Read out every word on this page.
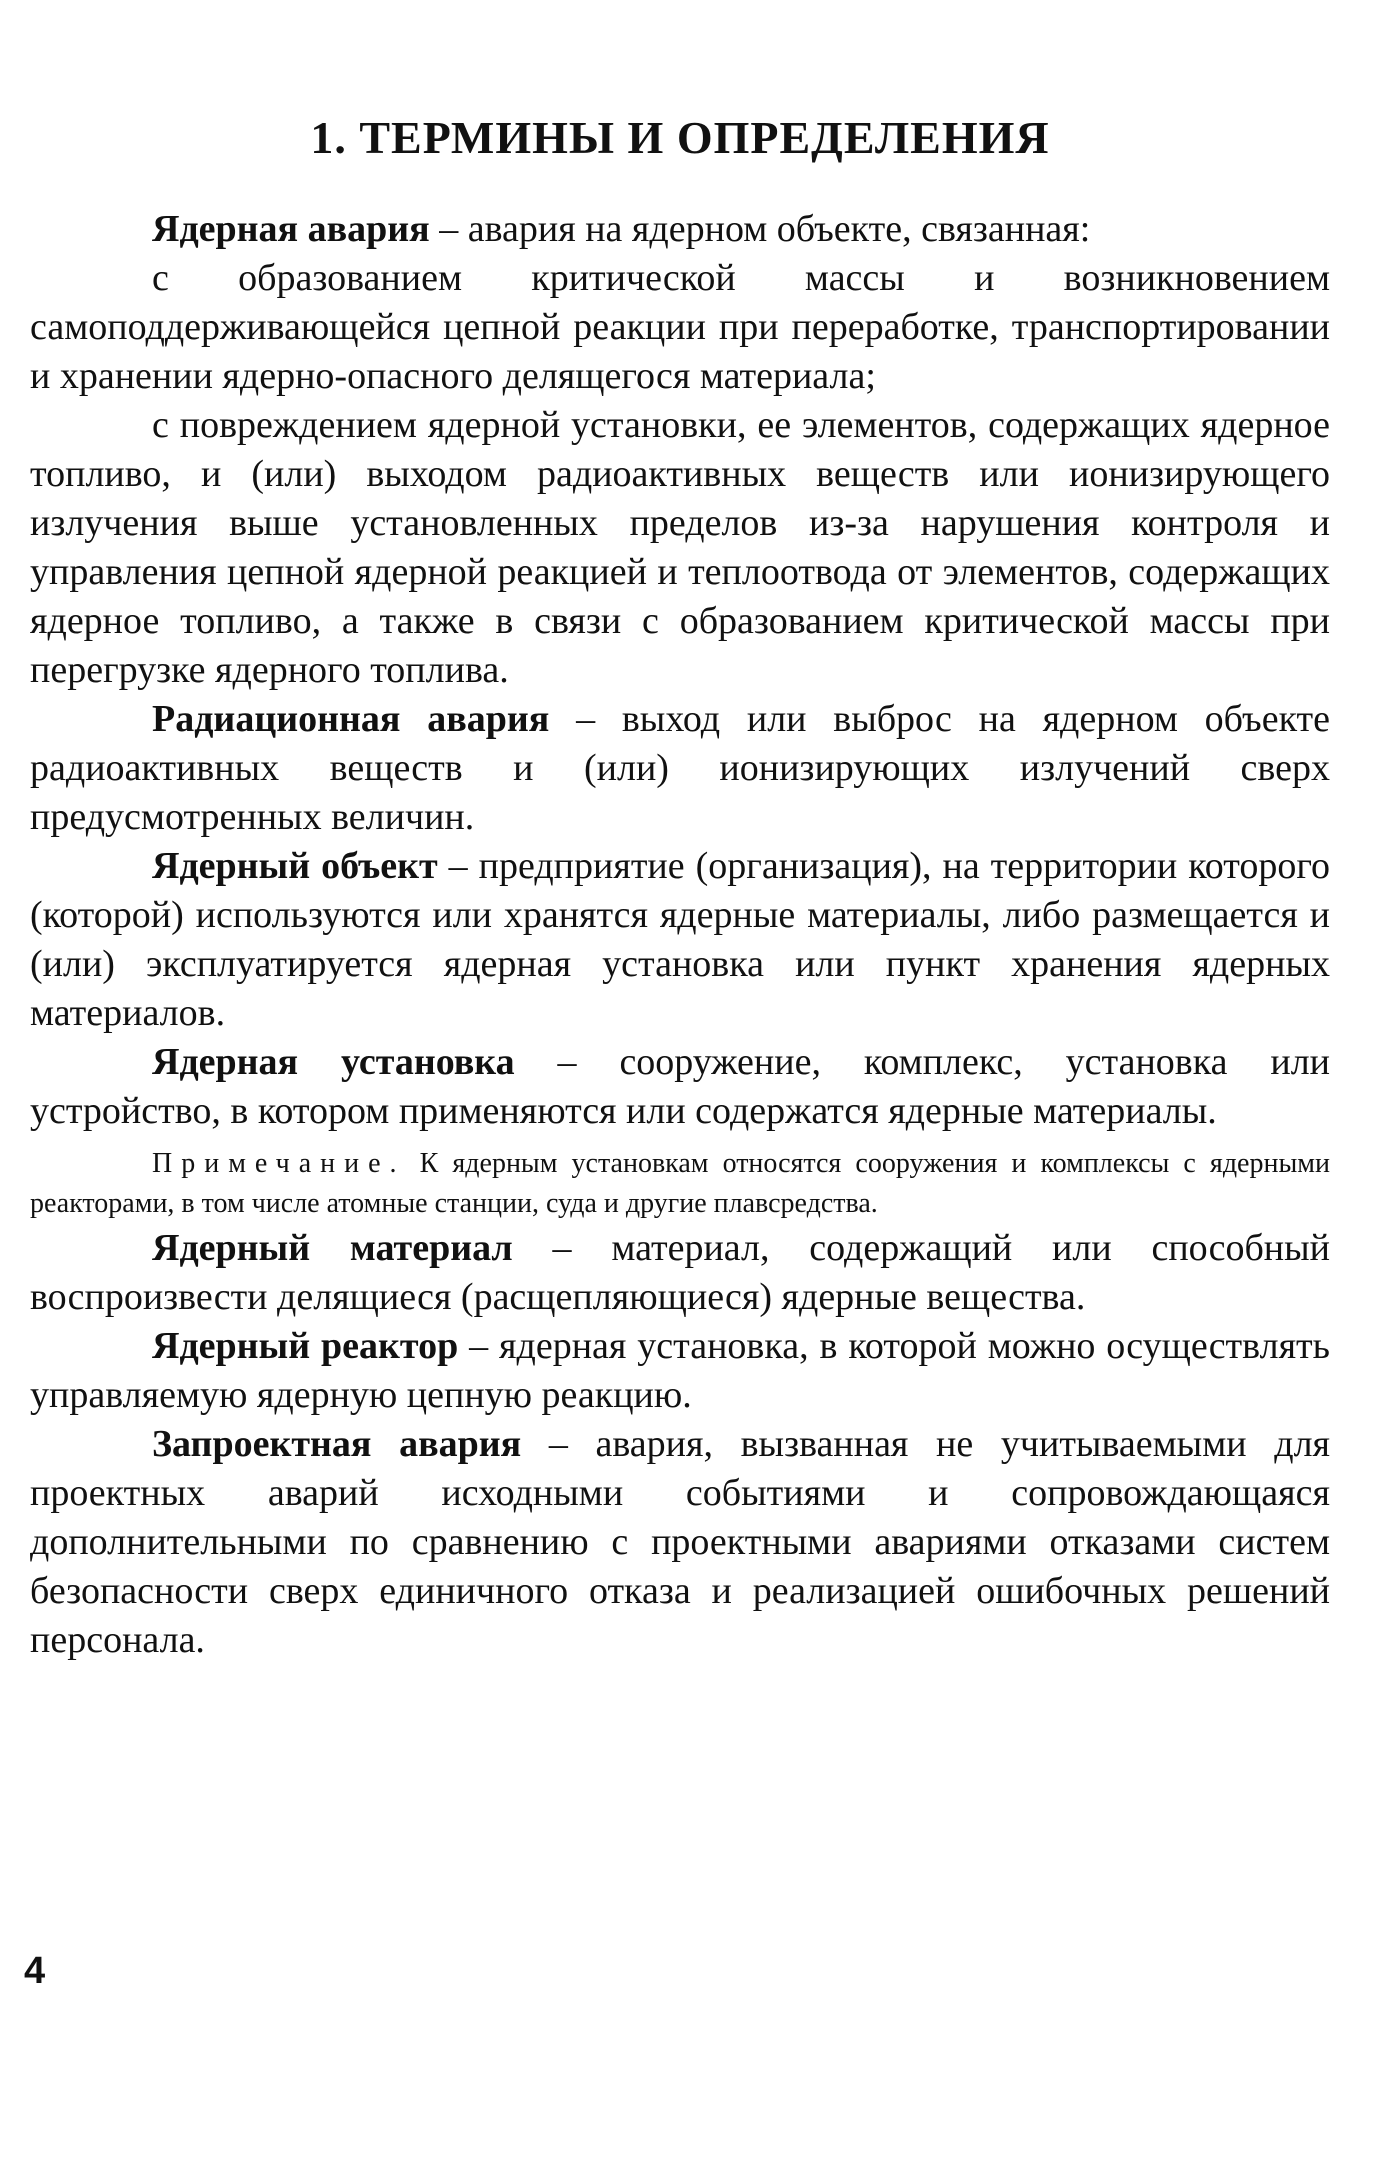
1. ТЕРМИНЫ И ОПРЕДЕЛЕНИЯ

Ядерная авария – авария на ядерном объекте, связанная:

с образованием критической массы и возникновением самоподдерживающейся цепной реакции при переработке, транспортировании и хранении ядерно-опасного делящегося материала;

с повреждением ядерной установки, ее элементов, содержащих ядерное топливо, и (или) выходом радиоактивных веществ или ионизирующего излучения выше установленных пределов из-за нарушения контроля и управления цепной ядерной реакцией и теплоотвода от элементов, содержащих ядерное топливо, а также в связи с образованием критической массы при перегрузке ядерного топлива.

Радиационная авария – выход или выброс на ядерном объекте радиоактивных веществ и (или) ионизирующих излучений сверх предусмотренных величин.

Ядерный объект – предприятие (организация), на территории которого (которой) используются или хранятся ядерные материалы, либо размещается и (или) эксплуатируется ядерная установка или пункт хранения ядерных материалов.

Ядерная установка – сооружение, комплекс, установка или устройство, в котором применяются или содержатся ядерные материалы.

Примечание. К ядерным установкам относятся сооружения и комплексы с ядерными реакторами, в том числе атомные станции, суда и другие плавсредства.

Ядерный материал – материал, содержащий или способный воспроизвести делящиеся (расщепляющиеся) ядерные вещества.

Ядерный реактор – ядерная установка, в которой можно осуществлять управляемую ядерную цепную реакцию.

Запроектная авария – авария, вызванная не учитываемыми для проектных аварий исходными событиями и сопровождающаяся дополнительными по сравнению с проектными авариями отказами систем безопасности сверх единичного отказа и реализацией ошибочных решений персонала.

4
